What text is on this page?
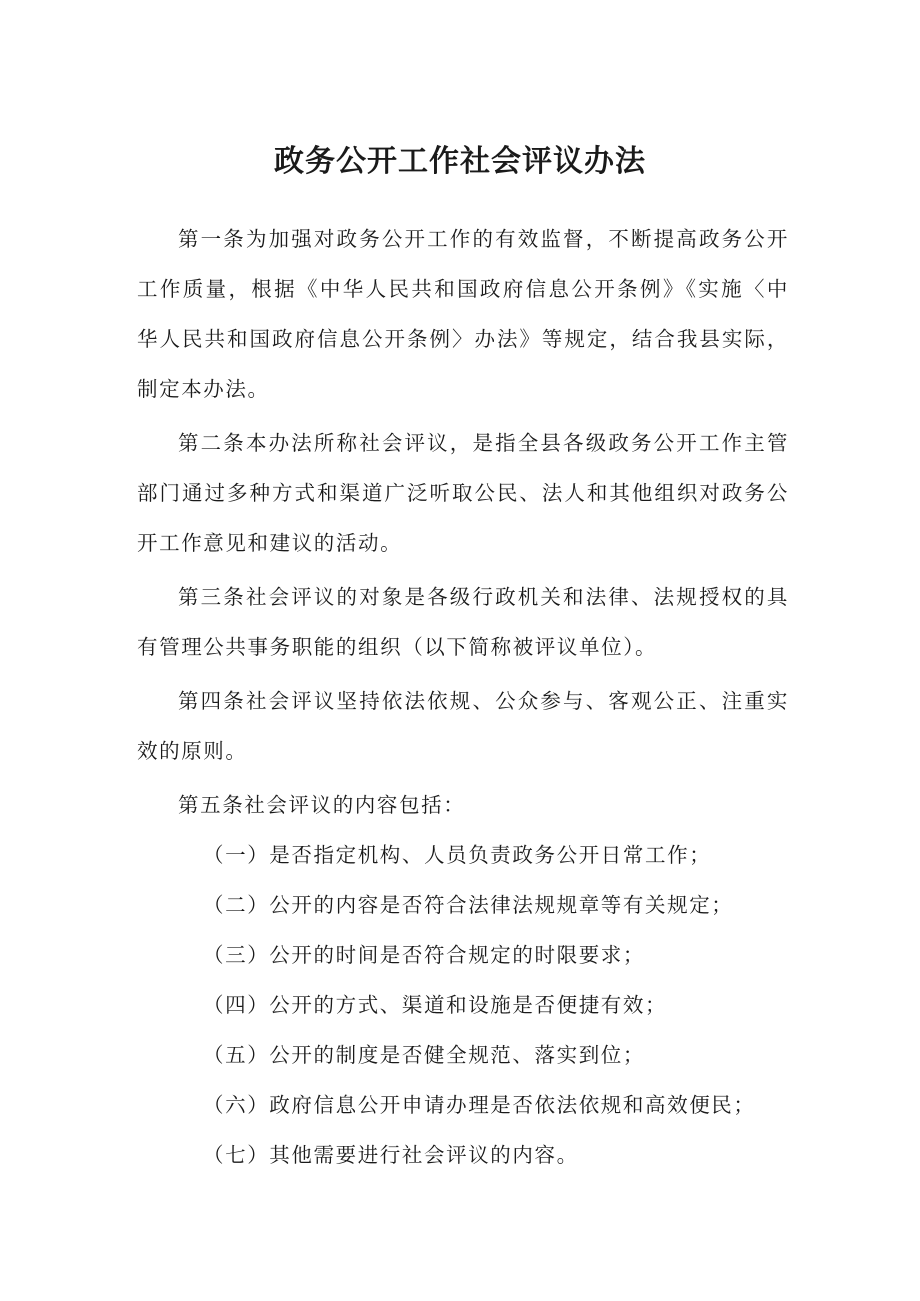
政务公开工作社会评议办法

第一条为加强对政务公开工作的有效监督，不断提高政务公开工作质量，根据《中华人民共和国政府信息公开条例》《实施〈中华人民共和国政府信息公开条例〉办法》等规定，结合我县实际，制定本办法。

第二条本办法所称社会评议，是指全县各级政务公开工作主管部门通过多种方式和渠道广泛听取公民、法人和其他组织对政务公开工作意见和建议的活动。

第三条社会评议的对象是各级行政机关和法律、法规授权的具有管理公共事务职能的组织（以下简称被评议单位）。

第四条社会评议坚持依法依规、公众参与、客观公正、注重实效的原则。

第五条社会评议的内容包括：

（一）是否指定机构、人员负责政务公开日常工作；

（二）公开的内容是否符合法律法规规章等有关规定；

（三）公开的时间是否符合规定的时限要求；

（四）公开的方式、渠道和设施是否便捷有效；

（五）公开的制度是否健全规范、落实到位；

（六）政府信息公开申请办理是否依法依规和高效便民；

（七）其他需要进行社会评议的内容。
